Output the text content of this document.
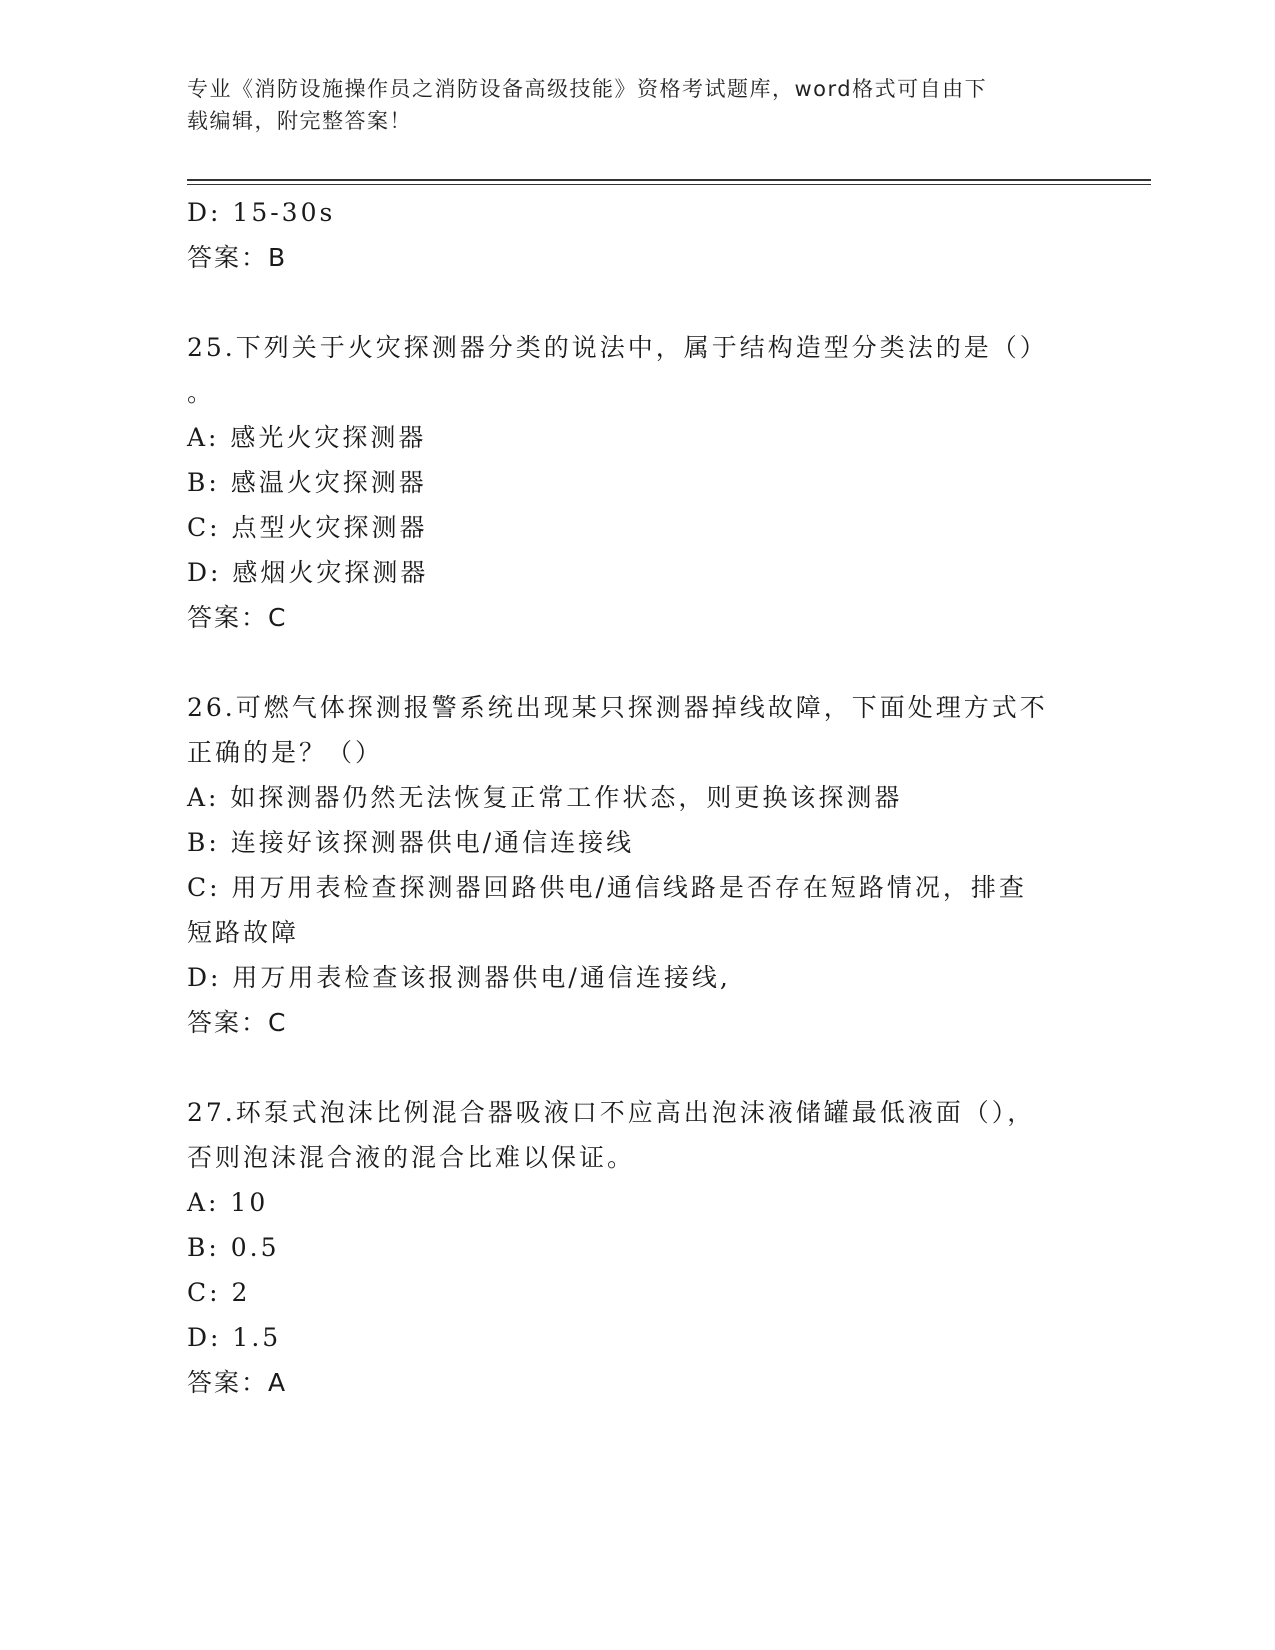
专业《消防设施操作员之消防设备高级技能》资格考试题库，word格式可自由下
载编辑，附完整答案！
D: 15-30s
答案：B
25.下列关于火灾探测器分类的说法中，属于结构造型分类法的是（）
。
A: 感光火灾探测器
B: 感温火灾探测器
C: 点型火灾探测器
D: 感烟火灾探测器
答案：C
26.可燃气体探测报警系统出现某只探测器掉线故障，下面处理方式不
正确的是？（）
A: 如探测器仍然无法恢复正常工作状态，则更换该探测器
B: 连接好该探测器供电/通信连接线
C: 用万用表检查探测器回路供电/通信线路是否存在短路情况，排查
短路故障
D: 用万用表检查该报测器供电/通信连接线,
答案：C
27.环泵式泡沫比例混合器吸液口不应高出泡沫液储罐最低液面（），
否则泡沫混合液的混合比难以保证。
A: 10
B: 0.5
C: 2
D: 1.5
答案：A
